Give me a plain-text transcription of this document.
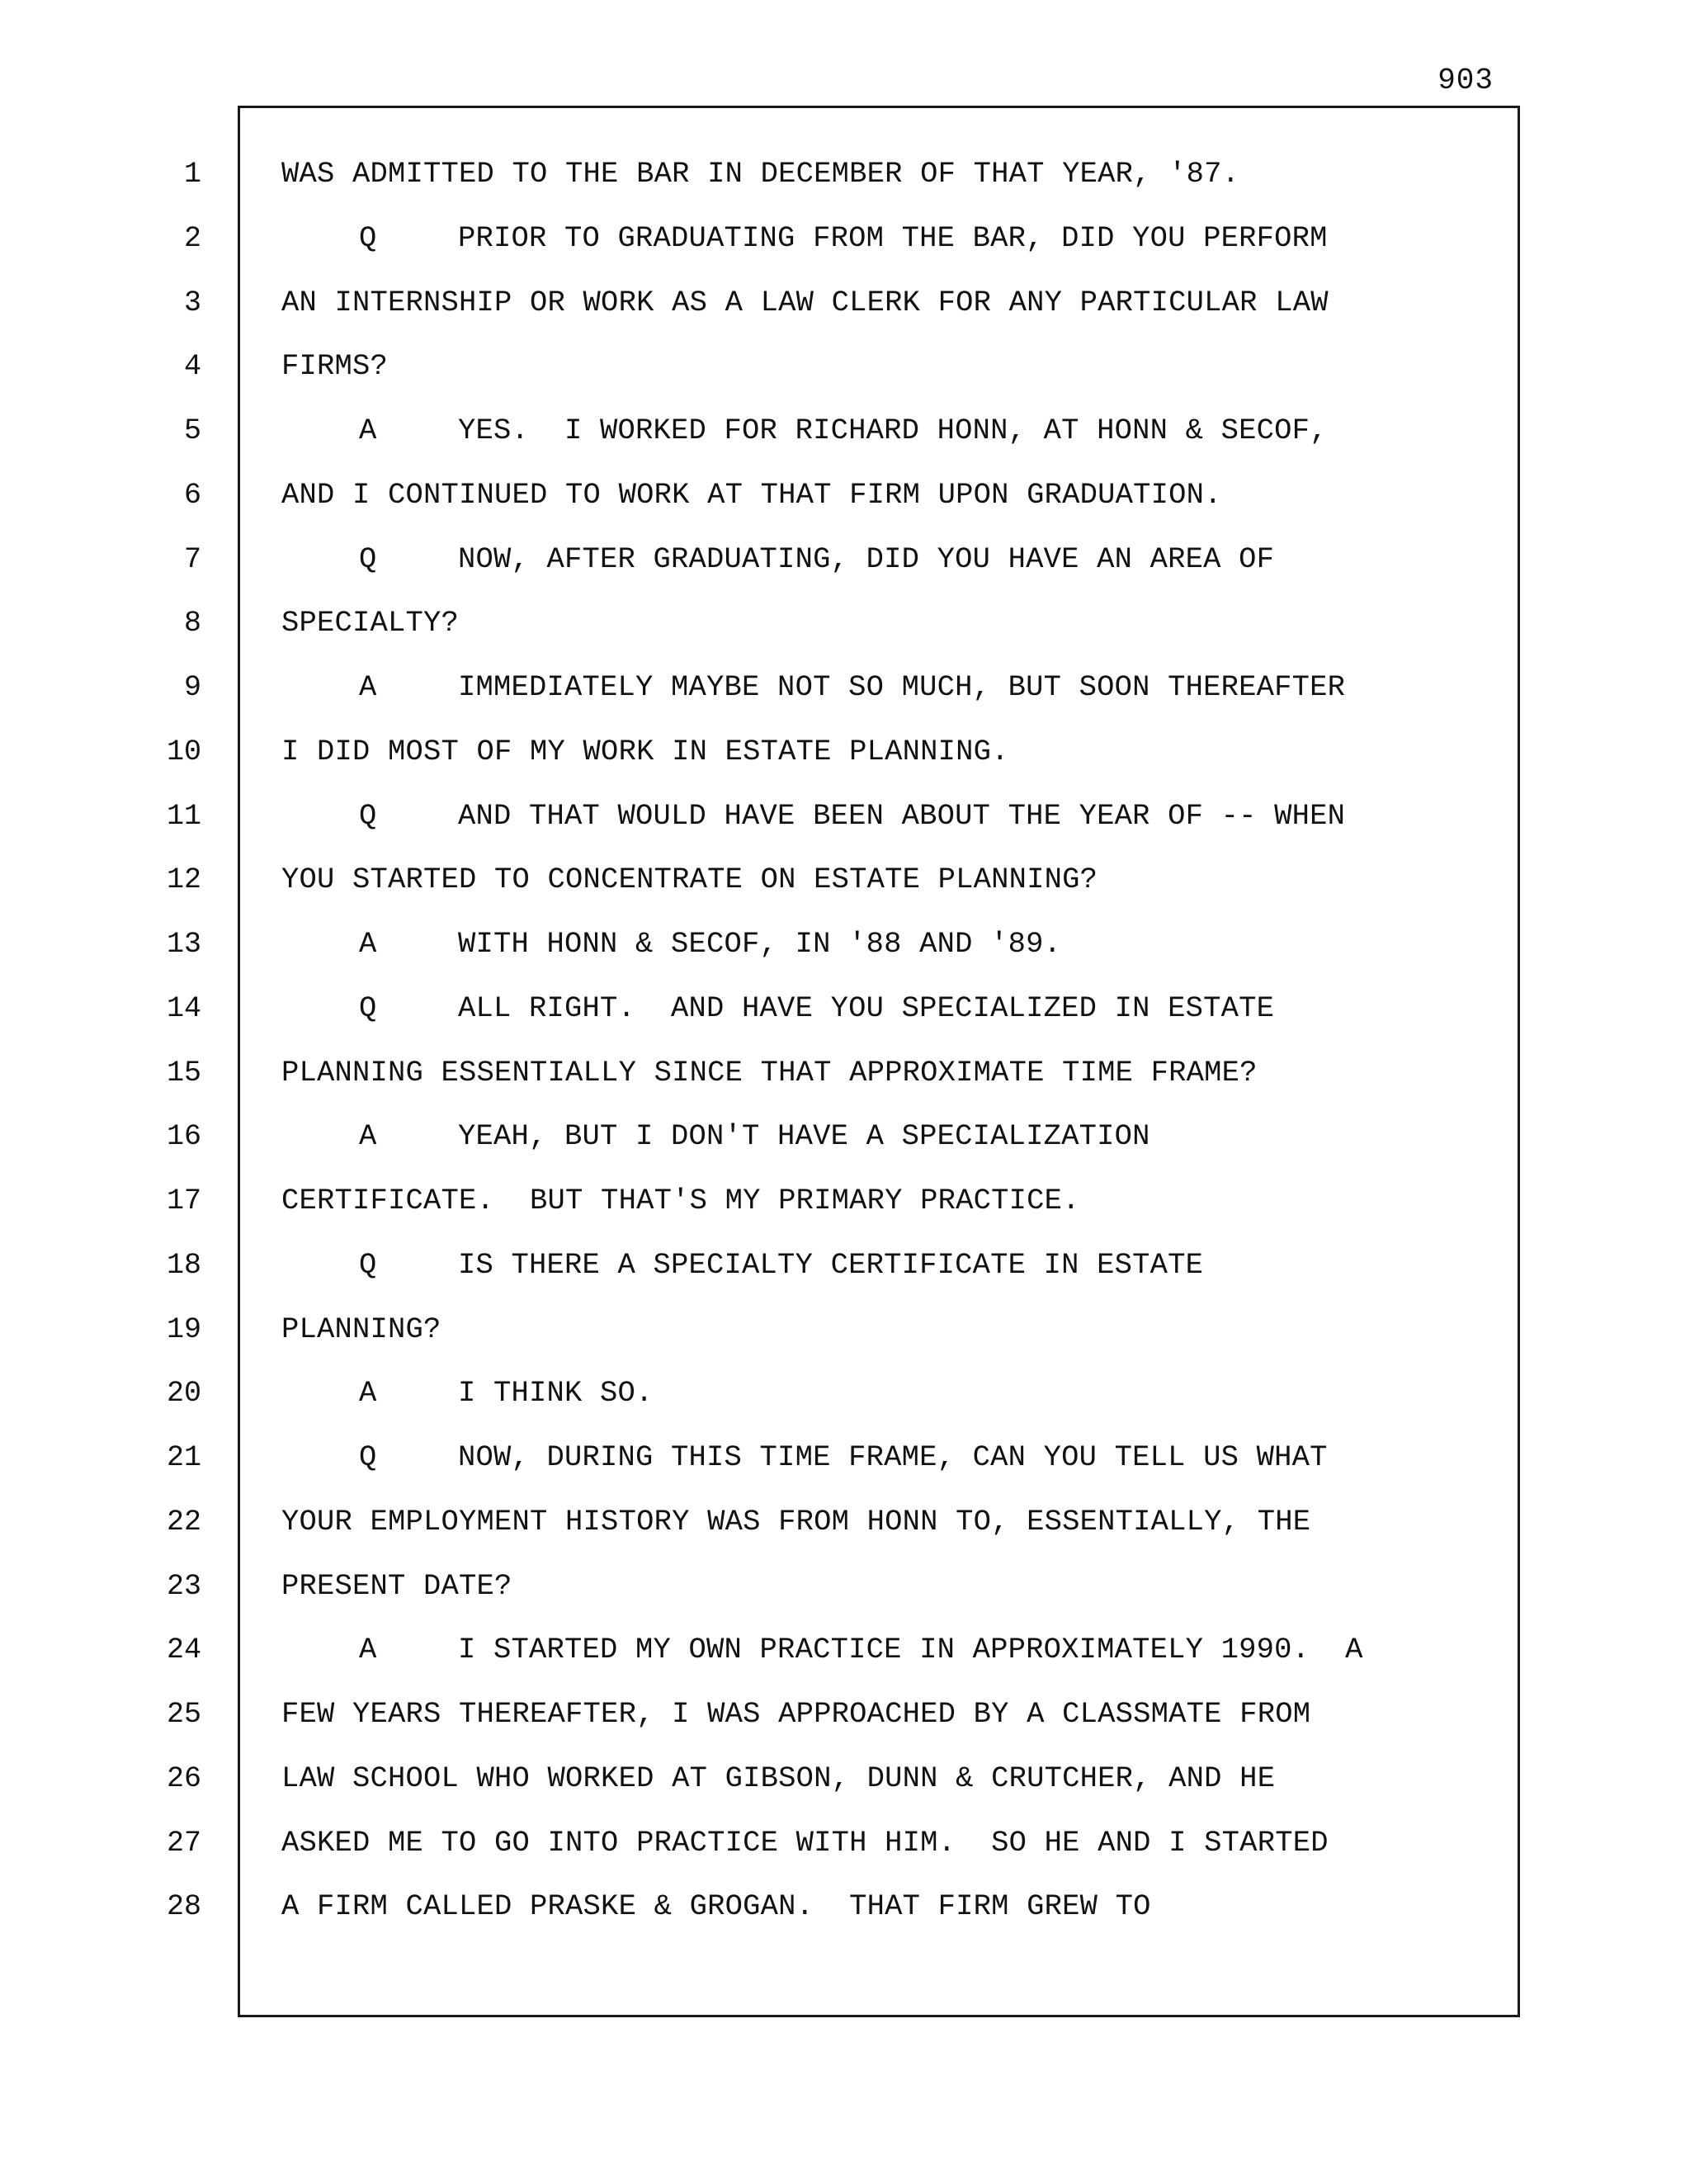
903
1
2
3
4
5
6
7
8
9
10
11
12
13
14
15
16
17
18
19
20
21
22
23
24
25
26
27
28
WAS ADMITTED TO THE BAR IN DECEMBER OF THAT YEAR, '87.
Q	PRIOR TO GRADUATING FROM THE BAR, DID YOU PERFORM
AN INTERNSHIP OR WORK AS A LAW CLERK FOR ANY PARTICULAR LAW
FIRMS?
A	YES.  I WORKED FOR RICHARD HONN, AT HONN & SECOF,
AND I CONTINUED TO WORK AT THAT FIRM UPON GRADUATION.
Q	NOW, AFTER GRADUATING, DID YOU HAVE AN AREA OF
SPECIALTY?
A	IMMEDIATELY MAYBE NOT SO MUCH, BUT SOON THEREAFTER
I DID MOST OF MY WORK IN ESTATE PLANNING.
Q	AND THAT WOULD HAVE BEEN ABOUT THE YEAR OF -- WHEN
YOU STARTED TO CONCENTRATE ON ESTATE PLANNING?
A	WITH HONN & SECOF, IN '88 AND '89.
Q	ALL RIGHT.  AND HAVE YOU SPECIALIZED IN ESTATE
PLANNING ESSENTIALLY SINCE THAT APPROXIMATE TIME FRAME?
A	YEAH, BUT I DON'T HAVE A SPECIALIZATION
CERTIFICATE.  BUT THAT'S MY PRIMARY PRACTICE.
Q	IS THERE A SPECIALTY CERTIFICATE IN ESTATE
PLANNING?
A	I THINK SO.
Q	NOW, DURING THIS TIME FRAME, CAN YOU TELL US WHAT
YOUR EMPLOYMENT HISTORY WAS FROM HONN TO, ESSENTIALLY, THE
PRESENT DATE?
A	I STARTED MY OWN PRACTICE IN APPROXIMATELY 1990.  A
FEW YEARS THEREAFTER, I WAS APPROACHED BY A CLASSMATE FROM
LAW SCHOOL WHO WORKED AT GIBSON, DUNN & CRUTCHER, AND HE
ASKED ME TO GO INTO PRACTICE WITH HIM.  SO HE AND I STARTED
A FIRM CALLED PRASKE & GROGAN.  THAT FIRM GREW TO
